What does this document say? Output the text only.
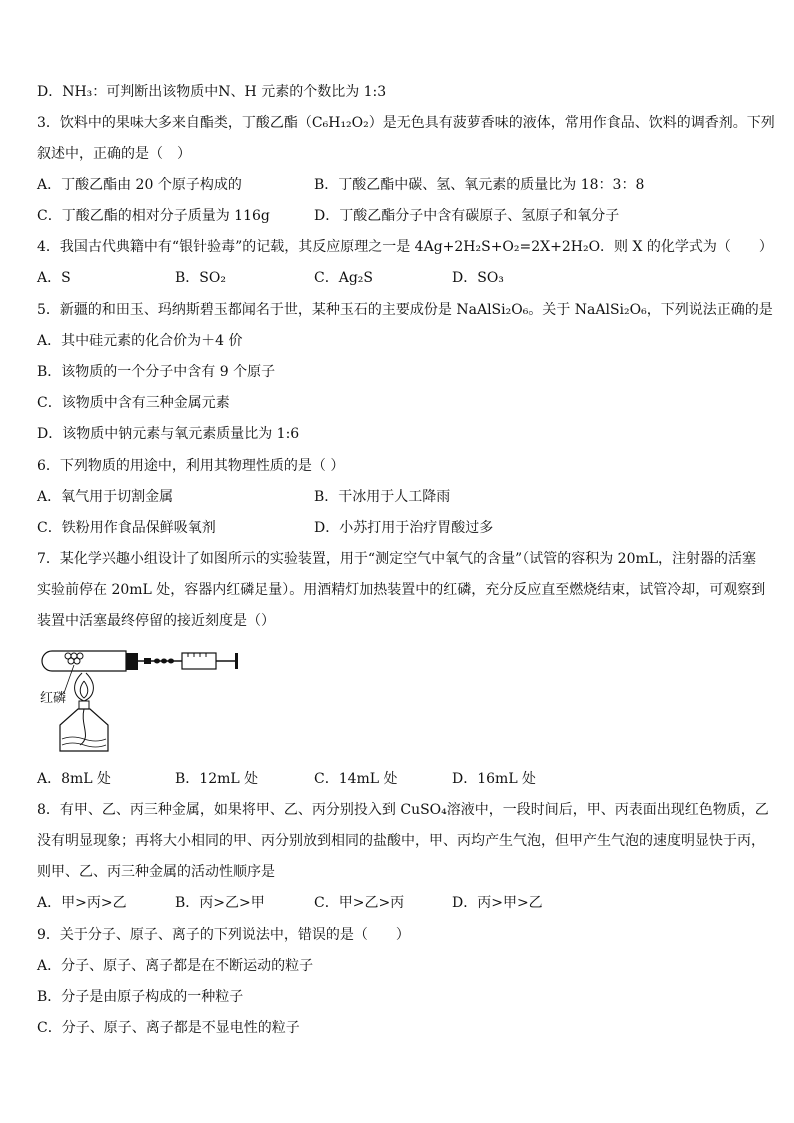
D．NH₃：可判断出该物质中N、H 元素的个数比为 1:3
3．饮料中的果味大多来自酯类，丁酸乙酯（C₆H₁₂O₂）是无色具有菠萝香味的液体，常用作食品、饮料的调香剂。下列
叙述中，正确的是（　）
A．丁酸乙酯由 20 个原子构成的	B．丁酸乙酯中碳、氢、氧元素的质量比为 18：3：8
C．丁酸乙酯的相对分子质量为 116g	D．丁酸乙酯分子中含有碳原子、氢原子和氧分子
4．我国古代典籍中有“银针验毒”的记载，其反应原理之一是 4Ag+2H₂S+O₂=2X+2H₂O．则 X 的化学式为（　　）
A．S	B．SO₂	C．Ag₂S	D．SO₃
5．新疆的和田玉、玛纳斯碧玉都闻名于世，某种玉石的主要成份是 NaAlSi₂O₆。关于 NaAlSi₂O₆，下列说法正确的是
A．其中硅元素的化合价为＋4 价
B．该物质的一个分子中含有 9 个原子
C．该物质中含有三种金属元素
D．该物质中钠元素与氧元素质量比为 1:6
6．下列物质的用途中，利用其物理性质的是（ ）
A．氧气用于切割金属	B．干冰用于人工降雨
C．铁粉用作食品保鲜吸氧剂	D．小苏打用于治疗胃酸过多
7．某化学兴趣小组设计了如图所示的实验装置，用于“测定空气中氧气的含量”（试管的容积为 20mL，注射器的活塞
实验前停在 20mL 处，容器内红磷足量）。用酒精灯加热装置中的红磷，充分反应直至燃烧结束，试管冷却，可观察到
装置中活塞最终停留的接近刻度是（）
红磷
A．8mL 处	B．12mL 处	C．14mL 处	D．16mL 处
8．有甲、乙、丙三种金属，如果将甲、乙、丙分别投入到 CuSO₄溶液中，一段时间后，甲、丙表面出现红色物质，乙
没有明显现象；再将大小相同的甲、丙分别放到相同的盐酸中，甲、丙均产生气泡，但甲产生气泡的速度明显快于丙，
则甲、乙、丙三种金属的活动性顺序是
A．甲>丙>乙	B．丙>乙>甲	C．甲>乙>丙	D．丙>甲>乙
9．关于分子、原子、离子的下列说法中，错误的是（　　）
A．分子、原子、离子都是在不断运动的粒子
B．分子是由原子构成的一种粒子
C．分子、原子、离子都是不显电性的粒子
